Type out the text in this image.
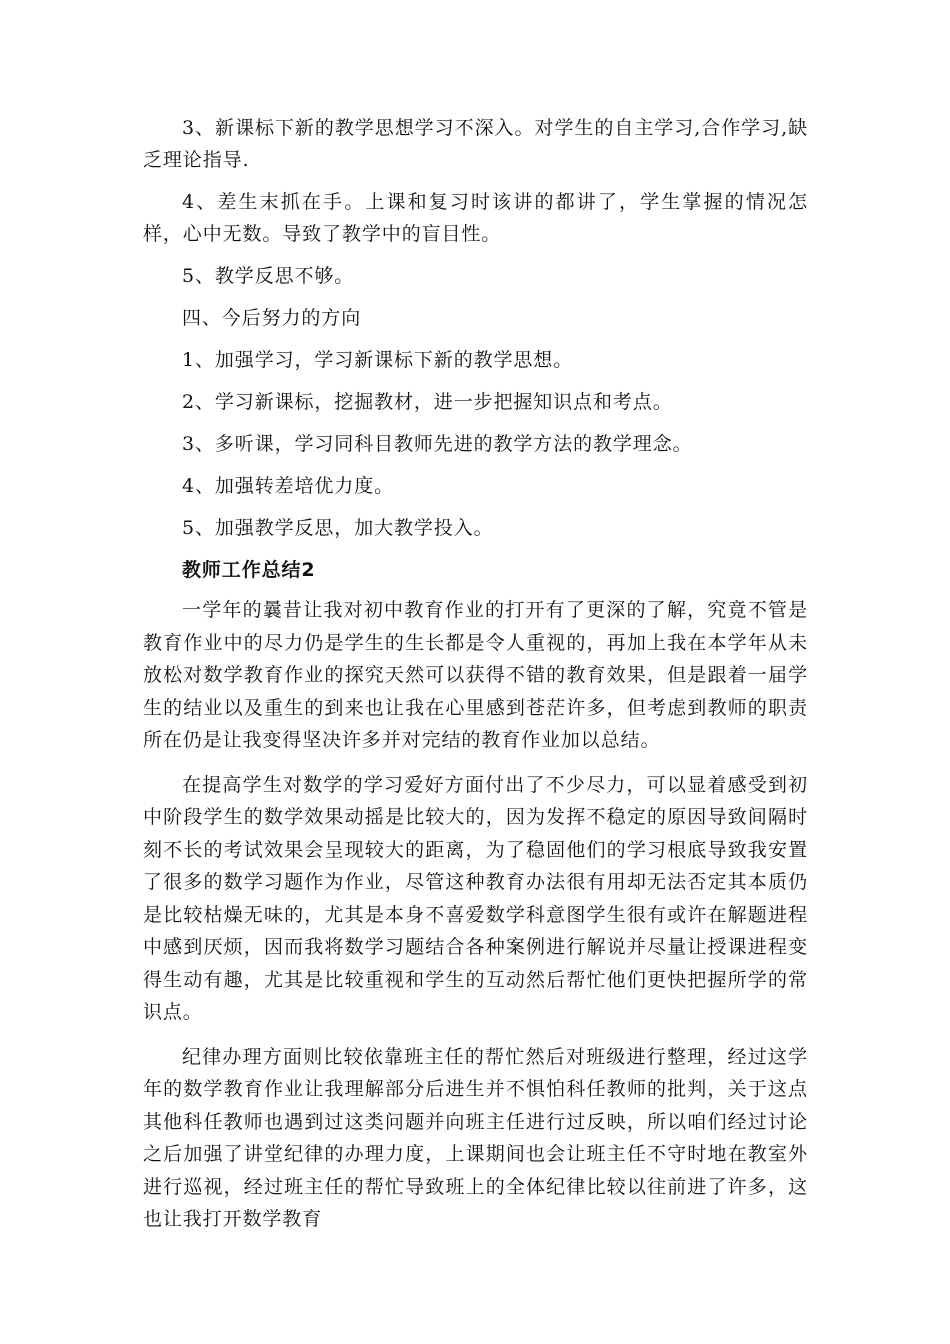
3、新课标下新的教学思想学习不深入。对学生的自主学习,合作学习,缺乏理论指导.

4、差生末抓在手。上课和复习时该讲的都讲了，学生掌握的情况怎样，心中无数。导致了教学中的盲目性。

5、教学反思不够。

四、今后努力的方向

1、加强学习，学习新课标下新的教学思想。

2、学习新课标，挖掘教材，进一步把握知识点和考点。

3、多听课，学习同科目教师先进的教学方法的教学理念。

4、加强转差培优力度。

5、加强教学反思，加大教学投入。

教师工作总结2

一学年的曩昔让我对初中教育作业的打开有了更深的了解，究竟不管是教育作业中的尽力仍是学生的生长都是令人重视的，再加上我在本学年从未放松对数学教育作业的探究天然可以获得不错的教育效果，但是跟着一届学生的结业以及重生的到来也让我在心里感到苍茫许多，但考虑到教师的职责所在仍是让我变得坚决许多并对完结的教育作业加以总结。

在提高学生对数学的学习爱好方面付出了不少尽力，可以显着感受到初中阶段学生的数学效果动摇是比较大的，因为发挥不稳定的原因导致间隔时刻不长的考试效果会呈现较大的距离，为了稳固他们的学习根底导致我安置了很多的数学习题作为作业，尽管这种教育办法很有用却无法否定其本质仍是比较枯燥无味的，尤其是本身不喜爱数学科意图学生很有或许在解题进程中感到厌烦，因而我将数学习题结合各种案例进行解说并尽量让授课进程变得生动有趣，尤其是比较重视和学生的互动然后帮忙他们更快把握所学的常识点。

纪律办理方面则比较依靠班主任的帮忙然后对班级进行整理，经过这学年的数学教育作业让我理解部分后进生并不惧怕科任教师的批判，关于这点其他科任教师也遇到过这类问题并向班主任进行过反映，所以咱们经过讨论之后加强了讲堂纪律的办理力度，上课期间也会让班主任不守时地在教室外进行巡视，经过班主任的帮忙导致班上的全体纪律比较以往前进了许多，这也让我打开数学教育
